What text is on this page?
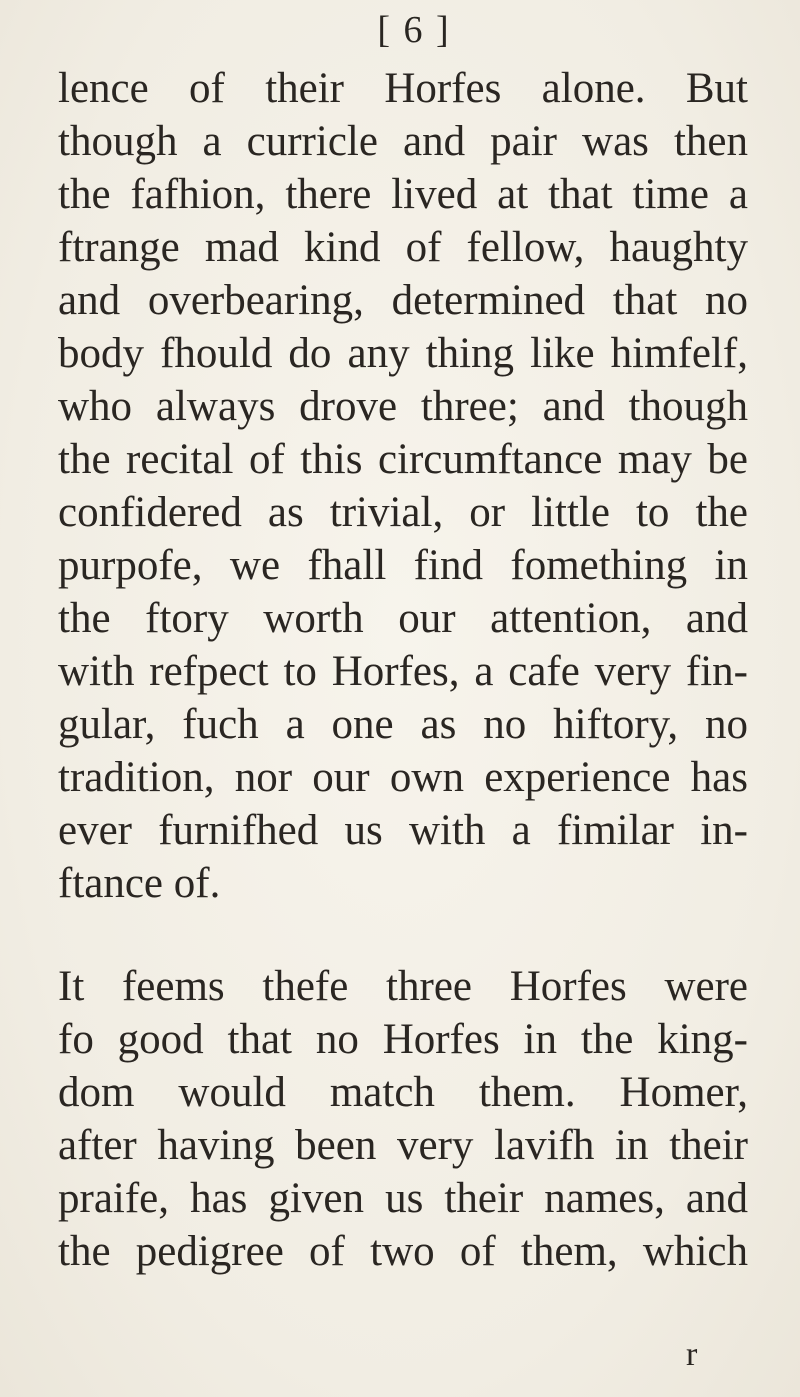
[ 6 ]
lence of their Horfes alone. But
though a curricle and pair was then
the fafhion, there lived at that time a
ftrange mad kind of fellow, haughty
and overbearing, determined that no
body fhould do any thing like himfelf,
who always drove three; and though
the recital of this circumftance may be
confidered as trivial, or little to the
purpofe, we fhall find fomething in
the ftory worth our attention, and
with refpect to Horfes, a cafe very fin-
gular, fuch a one as no hiftory, no
tradition, nor our own experience has
ever furnifhed us with a fimilar in-
ftance of.
It feems thefe three Horfes were
fo good that no Horfes in the king-
dom would match them. Homer,
after having been very lavifh in their
praife, has given us their names, and
the pedigree of two of them, which
r
